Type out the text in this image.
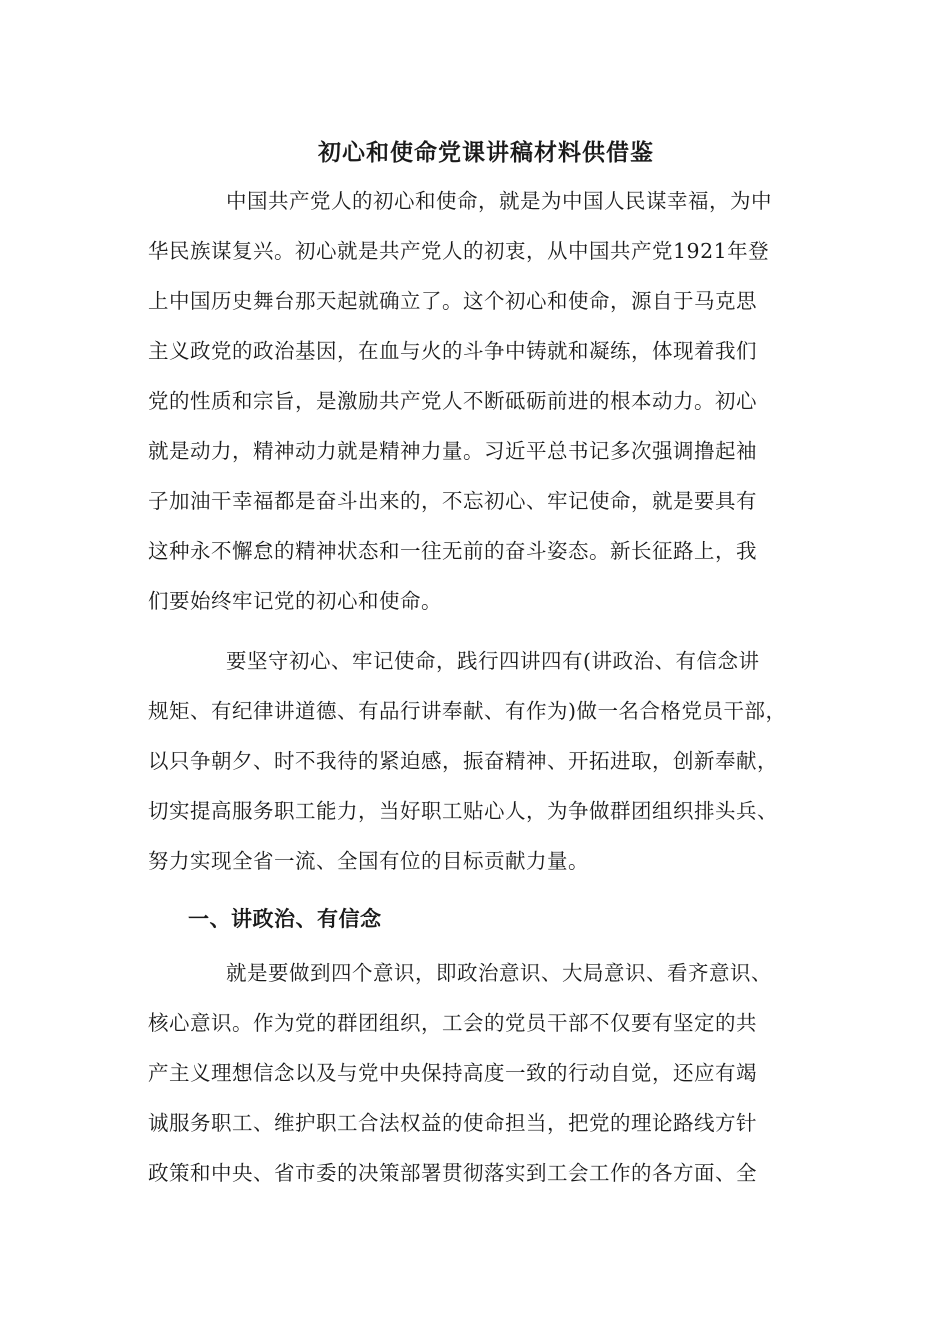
初心和使命党课讲稿材料供借鉴
中国共产党人的初心和使命，就是为中国人民谋幸福，为中
华民族谋复兴。初心就是共产党人的初衷，从中国共产党1921年登
上中国历史舞台那天起就确立了。这个初心和使命，源自于马克思
主义政党的政治基因，在血与火的斗争中铸就和凝练，体现着我们
党的性质和宗旨，是激励共产党人不断砥砺前进的根本动力。初心
就是动力，精神动力就是精神力量。习近平总书记多次强调撸起袖
子加油干幸福都是奋斗出来的，不忘初心、牢记使命，就是要具有
这种永不懈怠的精神状态和一往无前的奋斗姿态。新长征路上，我
们要始终牢记党的初心和使命。
要坚守初心、牢记使命，践行四讲四有(讲政治、有信念讲
规矩、有纪律讲道德、有品行讲奉献、有作为)做一名合格党员干部，
以只争朝夕、时不我待的紧迫感，振奋精神、开拓进取，创新奉献，
切实提高服务职工能力，当好职工贴心人，为争做群团组织排头兵、
努力实现全省一流、全国有位的目标贡献力量。
一、讲政治、有信念
就是要做到四个意识，即政治意识、大局意识、看齐意识、
核心意识。作为党的群团组织，工会的党员干部不仅要有坚定的共
产主义理想信念以及与党中央保持高度一致的行动自觉，还应有竭
诚服务职工、维护职工合法权益的使命担当，把党的理论路线方针
政策和中央、省市委的决策部署贯彻落实到工会工作的各方面、全
